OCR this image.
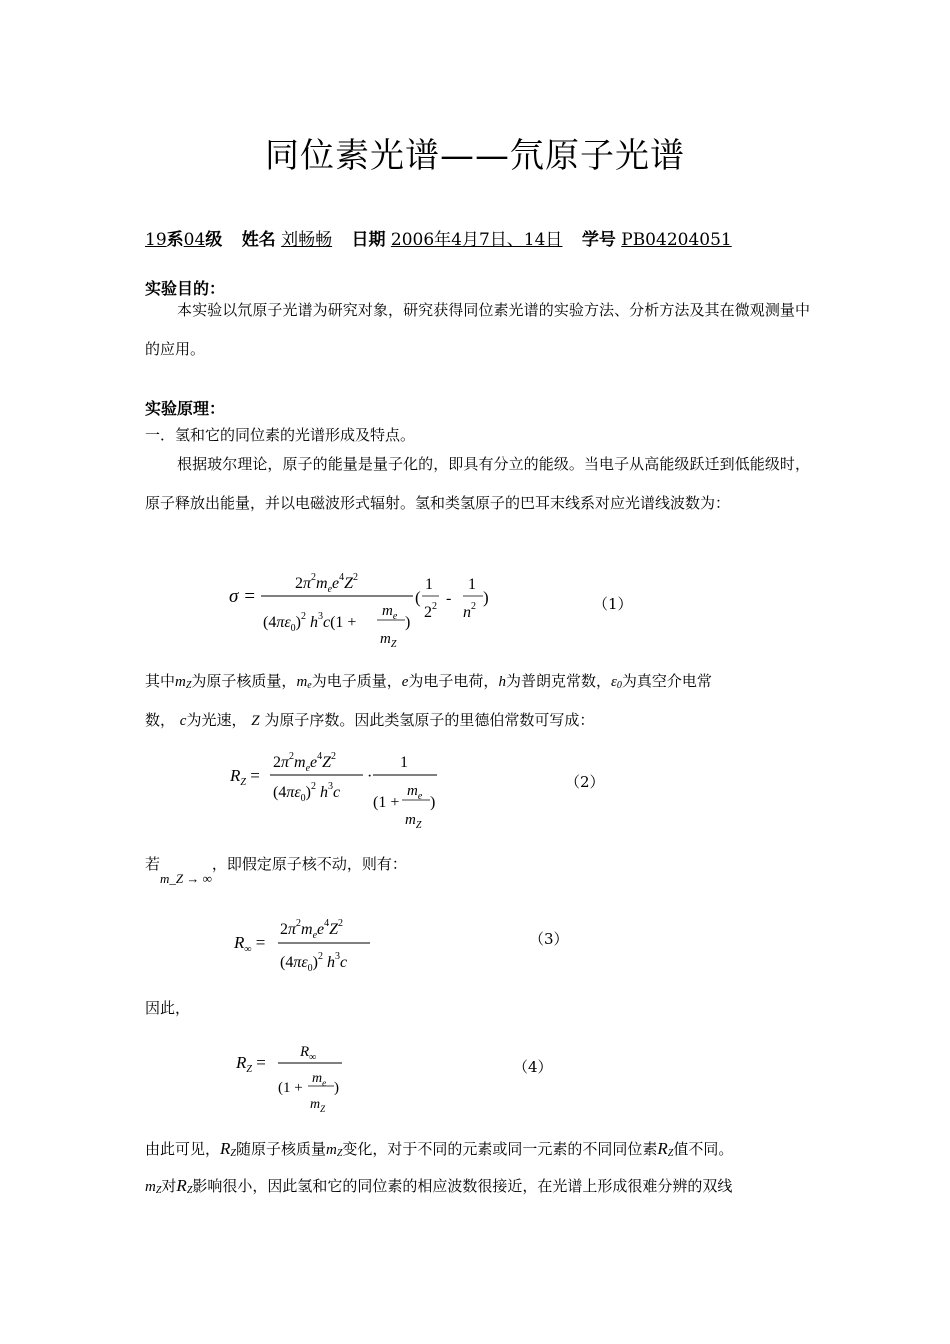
同位素光谱——氘原子光谱
19系04级 姓名 刘畅畅 日期 2006年4月7日、14日 学号 PB04204051
实验目的：
本实验以氘原子光谱为研究对象，研究获得同位素光谱的实验方法、分析方法及其在微观测量中的应用。
实验原理：
一．氢和它的同位素的光谱形成及特点。
根据玻尔理论，原子的能量是量子化的，即具有分立的能级。当电子从高能级跃迁到低能级时，原子释放出能量，并以电磁波形式辐射。氢和类氢原子的巴耳末线系对应光谱线波数为：
σ =
$2\pi^2m_ee^4Z^2$
$(4\pi\varepsilon_0)^2$ $h^3c(1$ +
$m_e$
$m_Z$
)
(
1
$2^2$ -
1
$n^2$ )	（1）
其中$m_Z$为原子核质量，$m_e$为电子质量，e为电子电荷，h为普朗克常数，$\varepsilon_0$为真空介电常
数， c为光速， Z 为原子序数。因此类氢原子的里德伯常数可写成：
$R_Z$ =
$2\pi^2m_ee^4Z^2$
$(4\pi\varepsilon_0)^2$ $h^3c$
·
1
(1 +
$m_e$
$m_Z$
)
（2）
若m_Z → ∞，即假定原子核不动，则有：
$R_\infty$ =
$2\pi^2m_ee^4Z^2$
$(4\pi\varepsilon_0)^2$ $h^3c$
（3）
因此，
$R_Z$ =
$R_\infty$
(1 +
$m_e$
$m_Z$
)
（4）
由此可见，$R_Z$随原子核质量$m_Z$变化，对于不同的元素或同一元素的不同同位素$R_Z$值不同。
$m_Z$对$R_Z$影响很小，因此氢和它的同位素的相应波数很接近，在光谱上形成很难分辨的双线
